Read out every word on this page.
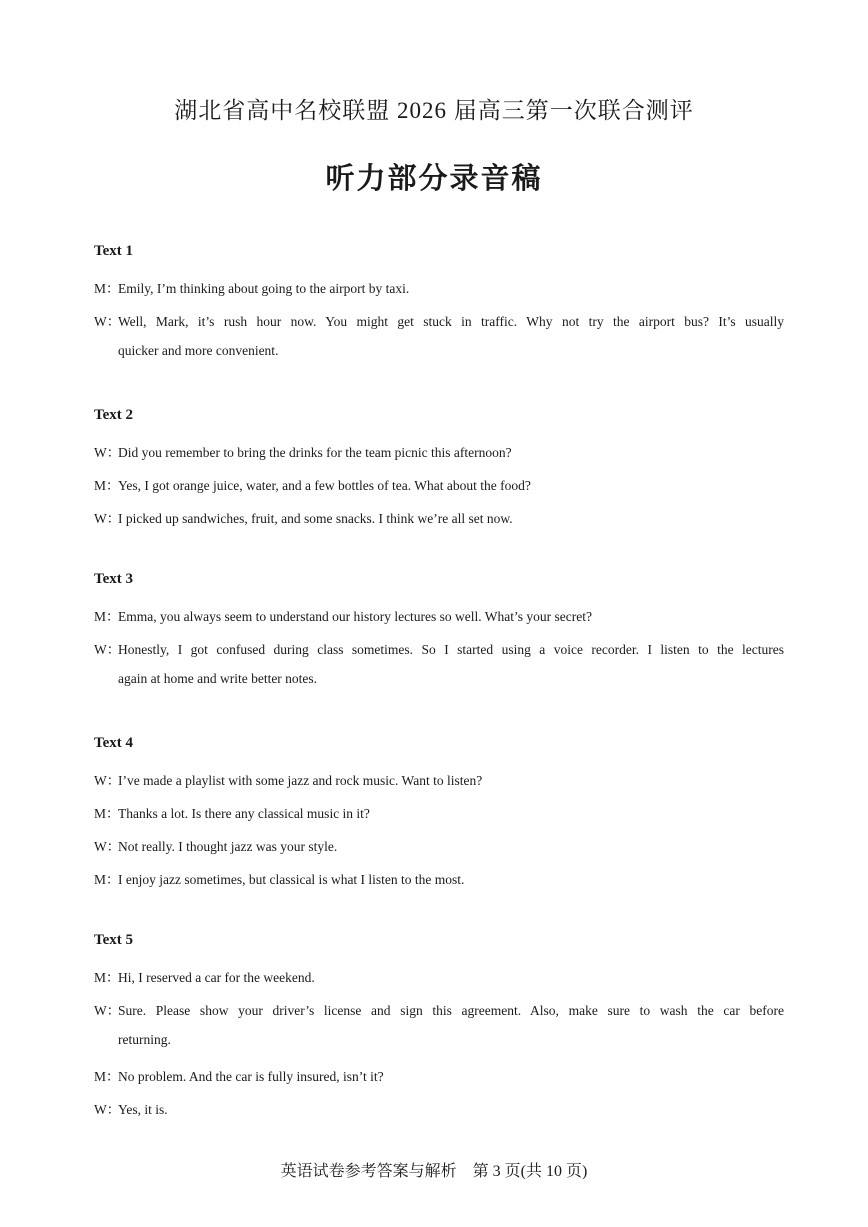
湖北省高中名校联盟 2026 届高三第一次联合测评
听力部分录音稿
Text 1
M：Emily, I’m thinking about going to the airport by taxi.
W：Well, Mark, it’s rush hour now. You might get stuck in traffic. Why not try the airport bus? It’s usually
quicker and more convenient.
Text 2
W：Did you remember to bring the drinks for the team picnic this afternoon?
M：Yes, I got orange juice, water, and a few bottles of tea. What about the food?
W：I picked up sandwiches, fruit, and some snacks. I think we’re all set now.
Text 3
M：Emma, you always seem to understand our history lectures so well. What’s your secret?
W：Honestly, I got confused during class sometimes. So I started using a voice recorder. I listen to the lectures
again at home and write better notes.
Text 4
W：I’ve made a playlist with some jazz and rock music. Want to listen?
M：Thanks a lot. Is there any classical music in it?
W：Not really. I thought jazz was your style.
M：I enjoy jazz sometimes, but classical is what I listen to the most.
Text 5
M：Hi, I reserved a car for the weekend.
W：Sure. Please show your driver’s license and sign this agreement. Also, make sure to wash the car before
returning.
M：No problem. And the car is fully insured, isn’t it?
W：Yes, it is.
英语试卷参考答案与解析　第 3 页(共 10 页)
